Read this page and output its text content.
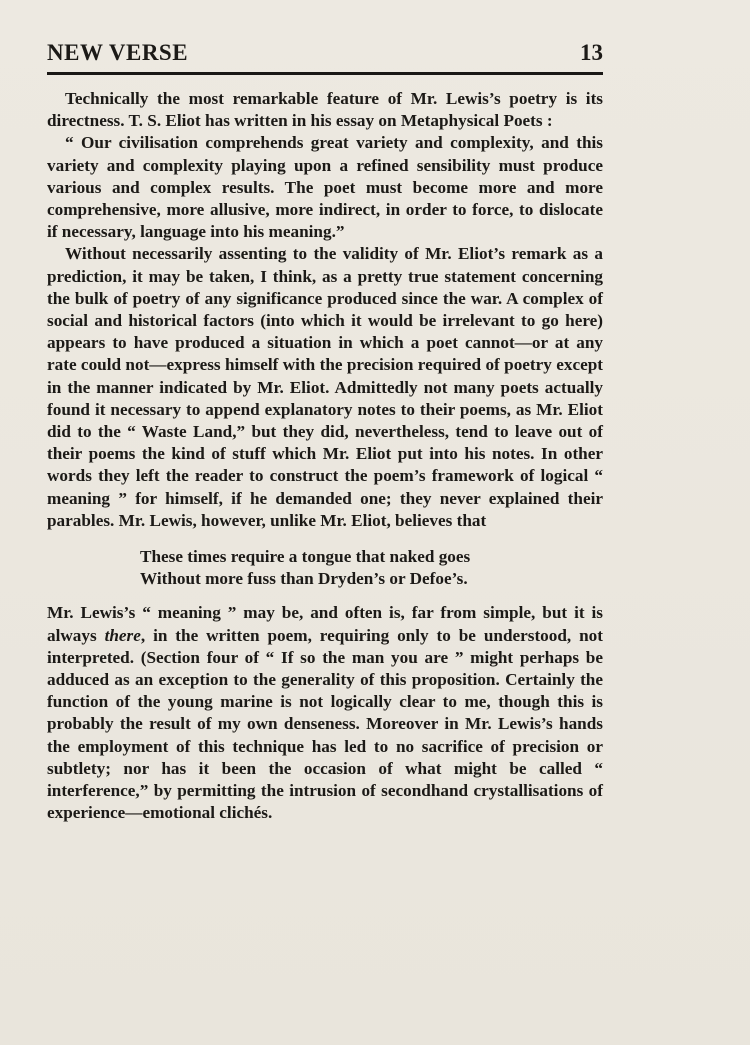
NEW VERSE	13

Technically the most remarkable feature of Mr. Lewis’s poetry is its directness. T. S. Eliot has written in his essay on Metaphysical Poets :

“ Our civilisation comprehends great variety and complexity, and this variety and complexity playing upon a refined sensibility must produce various and complex results. The poet must become more and more comprehensive, more allusive, more indirect, in order to force, to dislocate if necessary, language into his meaning.”

Without necessarily assenting to the validity of Mr. Eliot’s remark as a prediction, it may be taken, I think, as a pretty true statement concerning the bulk of poetry of any significance produced since the war. A complex of social and historical factors (into which it would be irrelevant to go here) appears to have produced a situation in which a poet cannot—or at any rate could not—express himself with the precision required of poetry except in the manner indicated by Mr. Eliot. Admittedly not many poets actually found it necessary to append explanatory notes to their poems, as Mr. Eliot did to the “ Waste Land,” but they did, nevertheless, tend to leave out of their poems the kind of stuff which Mr. Eliot put into his notes. In other words they left the reader to construct the poem’s framework of logical “ meaning ” for himself, if he demanded one; they never explained their parables. Mr. Lewis, however, unlike Mr. Eliot, believes that

These times require a tongue that naked goes
Without more fuss than Dryden’s or Defoe’s.

Mr. Lewis’s “ meaning ” may be, and often is, far from simple, but it is always there, in the written poem, requiring only to be understood, not interpreted. (Section four of “ If so the man you are ” might perhaps be adduced as an exception to the generality of this proposition. Certainly the function of the young marine is not logically clear to me, though this is probably the result of my own denseness. Moreover in Mr. Lewis’s hands the employment of this technique has led to no sacrifice of precision or subtlety; nor has it been the occasion of what might be called “ interference,” by permitting the intrusion of secondhand crystallisations of experience—emotional clichés.
